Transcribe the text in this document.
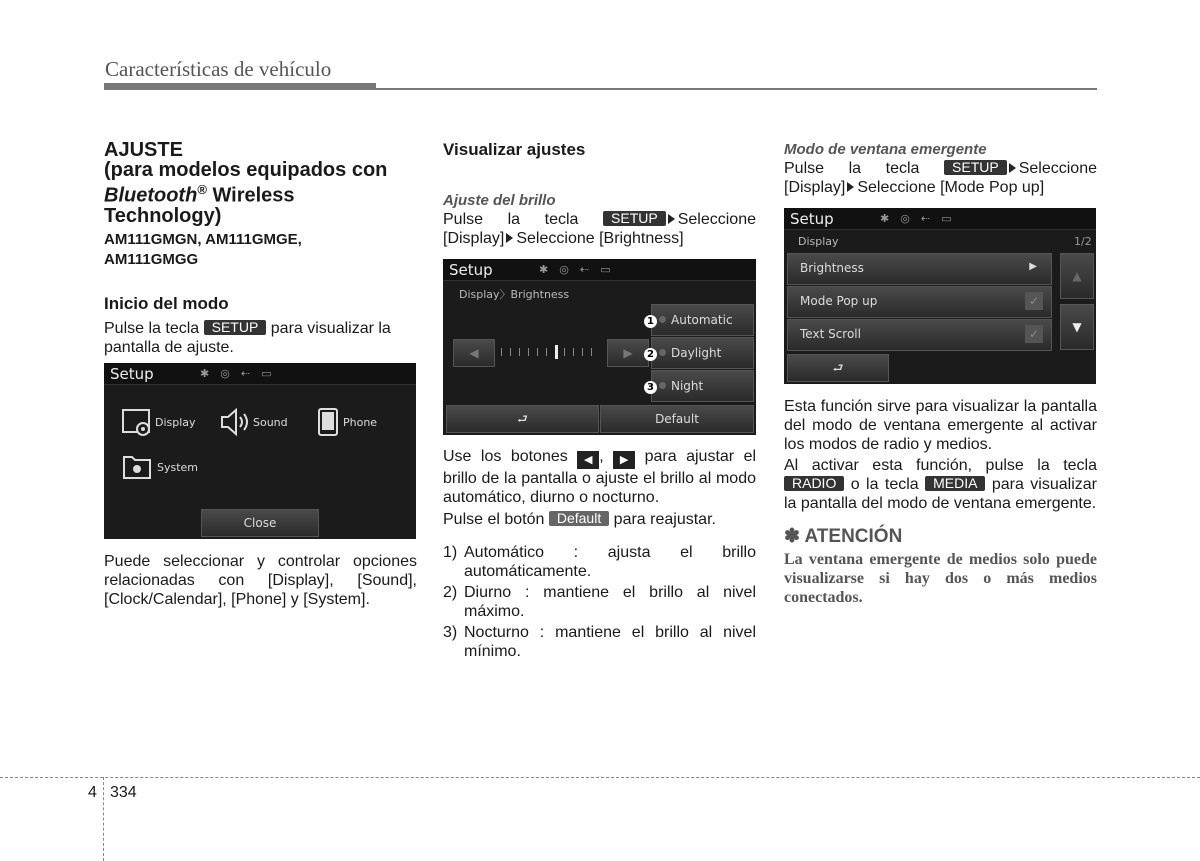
Características de vehículo

AJUSTE

(para modelos equipados con

Bluetooth® Wireless

Technology)

AM111GMGN, AM111GMGE,

AM111GMGG

Inicio del modo

Pulse la tecla SETUP para visualizar la pantalla de ajuste.

Setup	✱ ◎ ⇠ ▭
Display	Sound	Phone
System
Close
Puede seleccionar y controlar opciones relacionadas con [Display], [Sound], [Clock/Calendar], [Phone] y [System].

Visualizar ajustes

Ajuste del brillo

Pulse la tecla SETUP Seleccione [Display] Seleccione [Brightness]

Setup	✱ ◎ ⇠ ▭
Display〉Brightness
◀	▶
1 Automatic
2 Daylight
3 Night
⮐	Default

Use los botones ◀ , ▶ para ajustar el brillo de la pantalla o ajuste el brillo al modo automático, diurno o nocturno.

Pulse el botón Default para reajustar.

1) Automático : ajusta el brillo automáticamente.
2) Diurno : mantiene el brillo al nivel máximo.
3) Nocturno : mantiene el brillo al nivel mínimo.

Modo de ventana emergente

Pulse la tecla SETUP Seleccione [Display] Seleccione [Mode Pop up]

Setup	✱ ◎ ⇠ ▭
Display	1/2
Brightness	▶
Mode Pop up	✓
Text Scroll	✓
▲
▼
⮐

Esta función sirve para visualizar la pantalla del modo de ventana emergente al activar los modos de radio y medios.

Al activar esta función, pulse la tecla RADIO o la tecla MEDIA para visualizar la pantalla del modo de ventana emergente.

✽ ATENCIÓN

La ventana emergente de medios solo puede visualizarse si hay dos o más medios conectados.

4 334
